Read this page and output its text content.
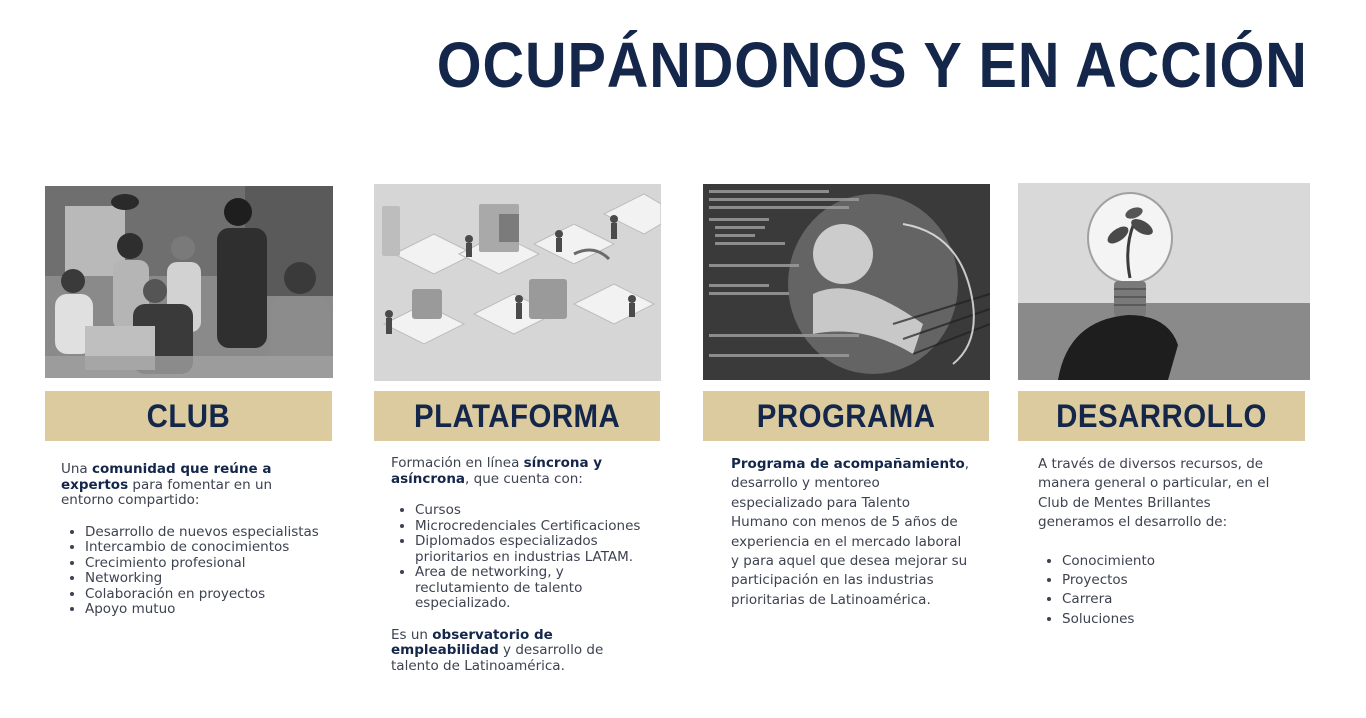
OCUPÁNDONOS Y EN ACCIÓN
CLUB

Una comunidad que reúne a expertos para fomentar en un entorno compartido:

• Desarrollo de nuevos especialistas
• Intercambio de conocimientos
• Crecimiento profesional
• Networking
• Colaboración en proyectos
• Apoyo mutuo
PLATAFORMA

Formación en línea síncrona y asíncrona, que cuenta con:

• Cursos
• Microcredenciales Certificaciones
• Diplomados especializados prioritarios en industrias LATAM.
• Area de networking, y reclutamiento de talento especializado.

Es un observatorio de empleabilidad y desarrollo de talento de Latinoamérica.

PROGRAMA

Programa de acompañamiento, desarrollo y mentoreo especializado para Talento Humano con menos de 5 años de experiencia en el mercado laboral y para aquel que desea mejorar su participación en las industrias prioritarias de Latinoamérica.

DESARROLLO

A través de diversos recursos, de manera general o particular, en el Club de Mentes Brillantes generamos el desarrollo de:

• Conocimiento
• Proyectos
• Carrera
• Soluciones
